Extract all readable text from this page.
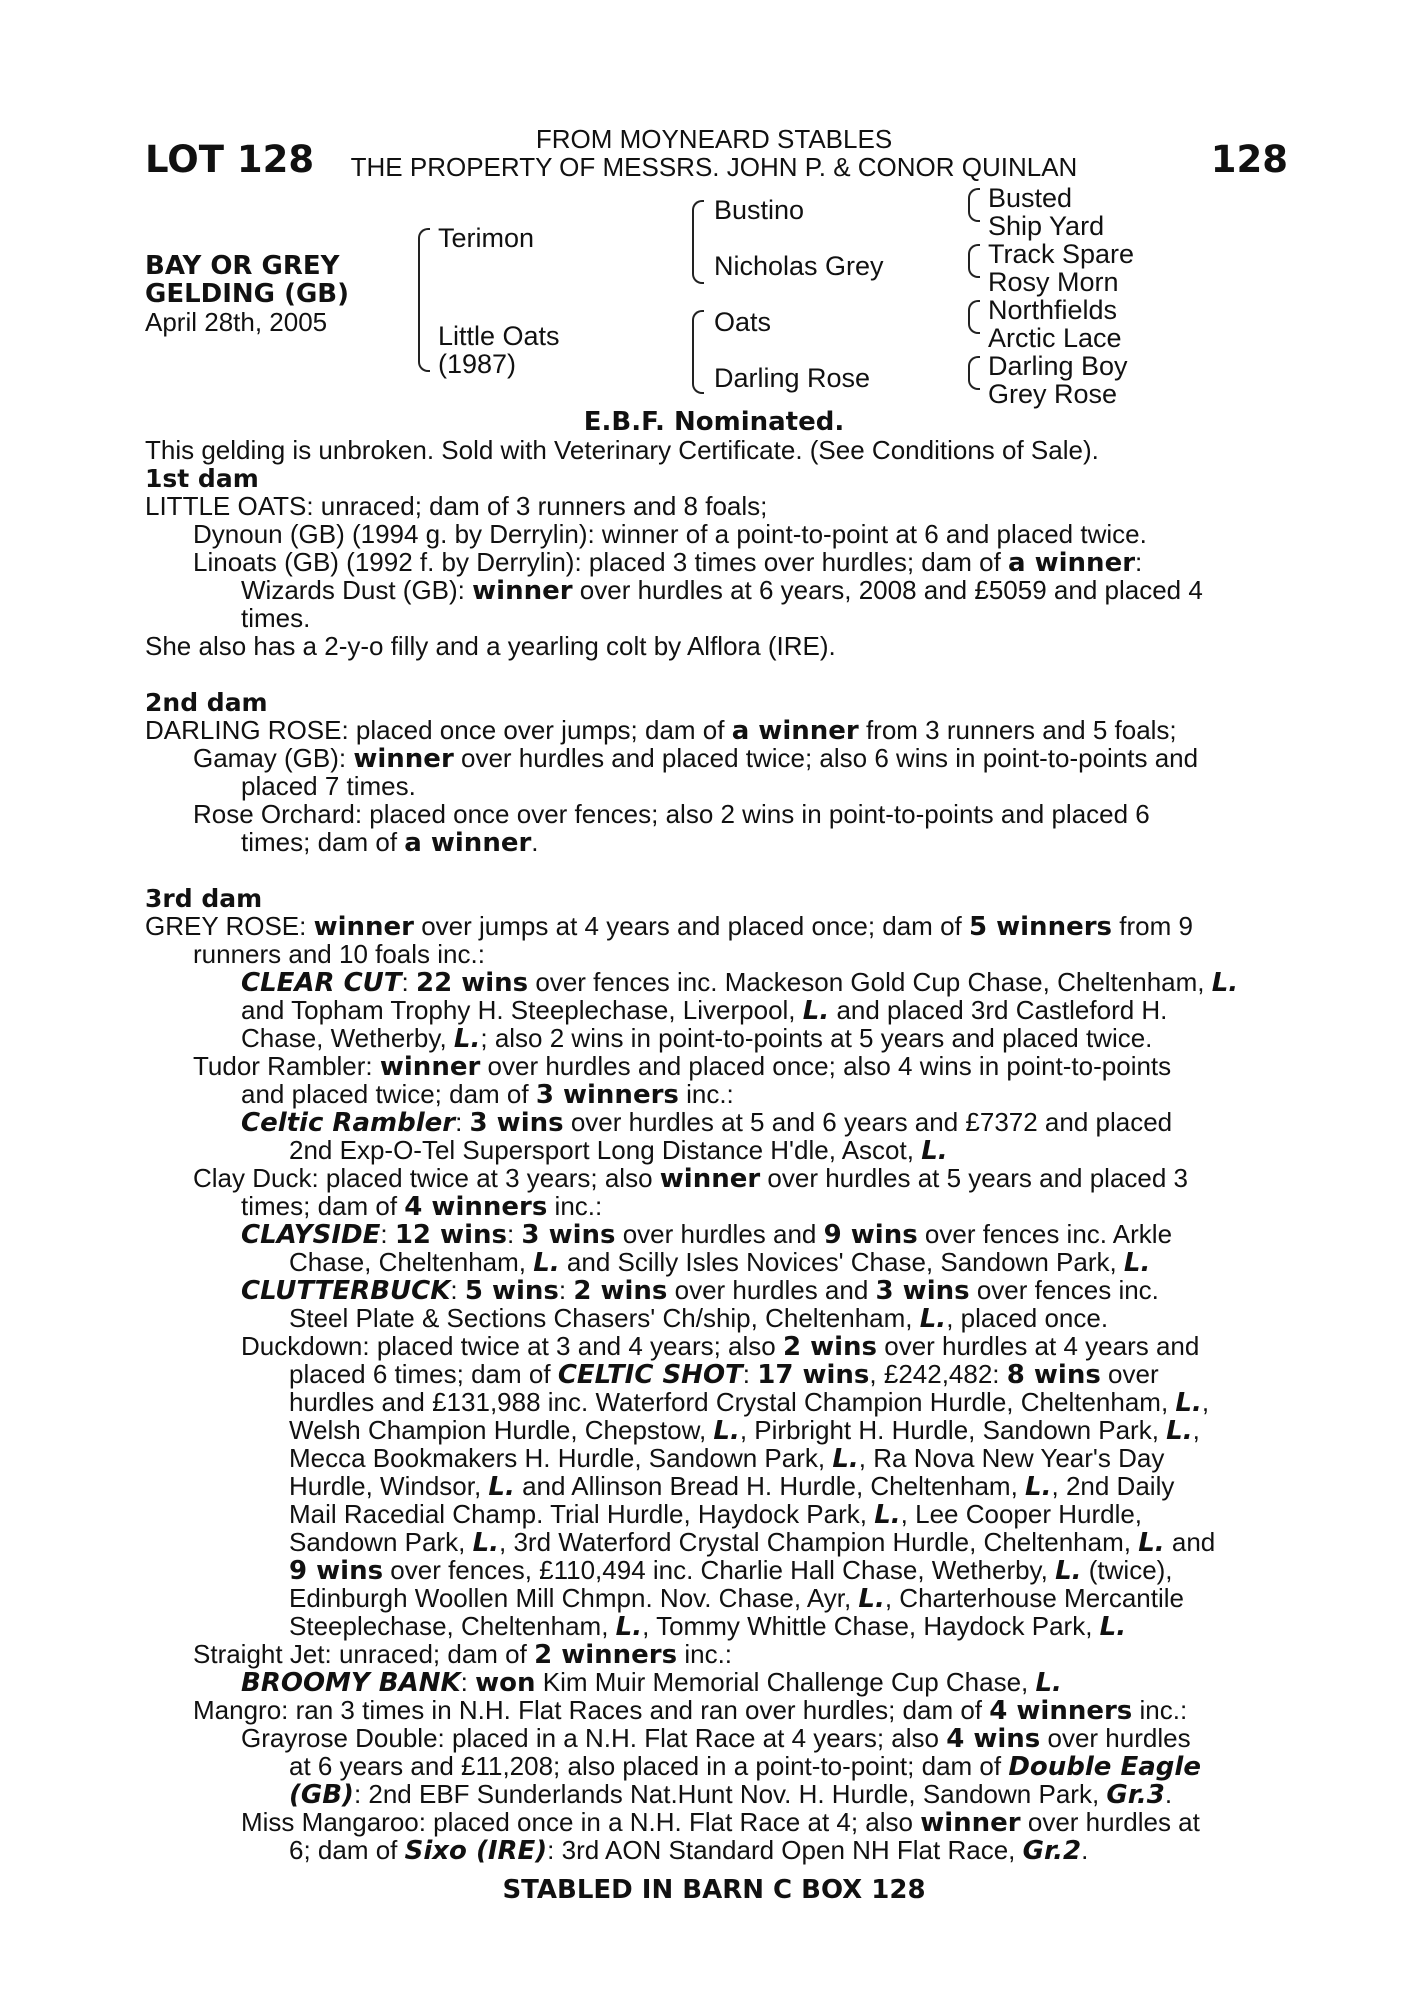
LOT 128	128
FROM MOYNEARD STABLES
THE PROPERTY OF MESSRS. JOHN P. & CONOR QUINLAN
BAY OR GREY
GELDING (GB)
April 28th, 2005
Terimon
Little Oats
(1987)
Bustino
Nicholas Grey
Oats
Darling Rose
Busted
Ship Yard
Track Spare
Rosy Morn
Northfields
Arctic Lace
Darling Boy
Grey Rose
E.B.F. Nominated.
This gelding is unbroken. Sold with Veterinary Certificate. (See Conditions of Sale).
1st dam
LITTLE OATS: unraced; dam of 3 runners and 8 foals;
Dynoun (GB) (1994 g. by Derrylin): winner of a point-to-point at 6 and placed twice.
Linoats (GB) (1992 f. by Derrylin): placed 3 times over hurdles; dam of a winner:
Wizards Dust (GB): winner over hurdles at 6 years, 2008 and £5059 and placed 4
times.
She also has a 2-y-o filly and a yearling colt by Alflora (IRE).
2nd dam
DARLING ROSE: placed once over jumps; dam of a winner from 3 runners and 5 foals;
Gamay (GB): winner over hurdles and placed twice; also 6 wins in point-to-points and
placed 7 times.
Rose Orchard: placed once over fences; also 2 wins in point-to-points and placed 6
times; dam of a winner.
3rd dam
GREY ROSE: winner over jumps at 4 years and placed once; dam of 5 winners from 9
runners and 10 foals inc.:
CLEAR CUT: 22 wins over fences inc. Mackeson Gold Cup Chase, Cheltenham, L.
and Topham Trophy H. Steeplechase, Liverpool, L. and placed 3rd Castleford H.
Chase, Wetherby, L.; also 2 wins in point-to-points at 5 years and placed twice.
Tudor Rambler: winner over hurdles and placed once; also 4 wins in point-to-points
and placed twice; dam of 3 winners inc.:
Celtic Rambler: 3 wins over hurdles at 5 and 6 years and £7372 and placed
2nd Exp-O-Tel Supersport Long Distance H'dle, Ascot, L.
Clay Duck: placed twice at 3 years; also winner over hurdles at 5 years and placed 3
times; dam of 4 winners inc.:
CLAYSIDE: 12 wins: 3 wins over hurdles and 9 wins over fences inc. Arkle
Chase, Cheltenham, L. and Scilly Isles Novices' Chase, Sandown Park, L.
CLUTTERBUCK: 5 wins: 2 wins over hurdles and 3 wins over fences inc.
Steel Plate & Sections Chasers' Ch/ship, Cheltenham, L., placed once.
Duckdown: placed twice at 3 and 4 years; also 2 wins over hurdles at 4 years and
placed 6 times; dam of CELTIC SHOT: 17 wins, £242,482: 8 wins over
hurdles and £131,988 inc. Waterford Crystal Champion Hurdle, Cheltenham, L.,
Welsh Champion Hurdle, Chepstow, L., Pirbright H. Hurdle, Sandown Park, L.,
Mecca Bookmakers H. Hurdle, Sandown Park, L., Ra Nova New Year's Day
Hurdle, Windsor, L. and Allinson Bread H. Hurdle, Cheltenham, L., 2nd Daily
Mail Racedial Champ. Trial Hurdle, Haydock Park, L., Lee Cooper Hurdle,
Sandown Park, L., 3rd Waterford Crystal Champion Hurdle, Cheltenham, L. and
9 wins over fences, £110,494 inc. Charlie Hall Chase, Wetherby, L. (twice),
Edinburgh Woollen Mill Chmpn. Nov. Chase, Ayr, L., Charterhouse Mercantile
Steeplechase, Cheltenham, L., Tommy Whittle Chase, Haydock Park, L.
Straight Jet: unraced; dam of 2 winners inc.:
BROOMY BANK: won Kim Muir Memorial Challenge Cup Chase, L.
Mangro: ran 3 times in N.H. Flat Races and ran over hurdles; dam of 4 winners inc.:
Grayrose Double: placed in a N.H. Flat Race at 4 years; also 4 wins over hurdles
at 6 years and £11,208; also placed in a point-to-point; dam of Double Eagle
(GB): 2nd EBF Sunderlands Nat.Hunt Nov. H. Hurdle, Sandown Park, Gr.3.
Miss Mangaroo: placed once in a N.H. Flat Race at 4; also winner over hurdles at
6; dam of Sixo (IRE): 3rd AON Standard Open NH Flat Race, Gr.2.
STABLED IN BARN C BOX 128
